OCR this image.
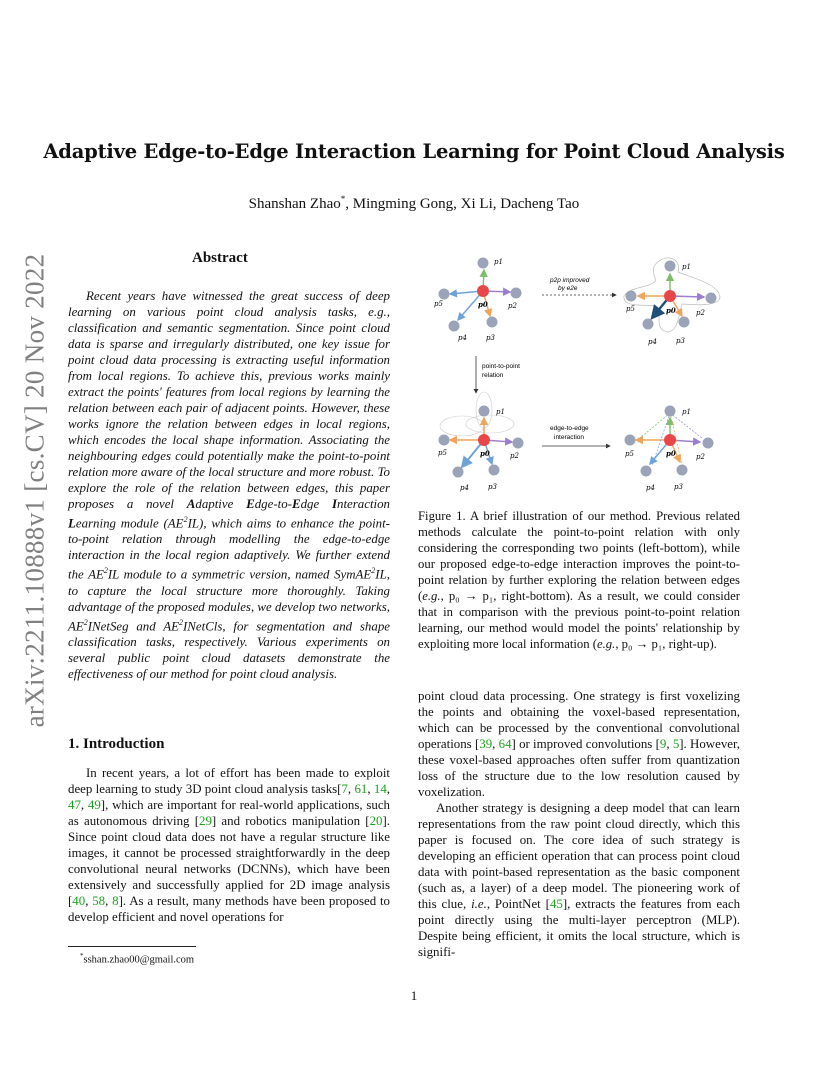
arXiv:2211.10888v1 [cs.CV] 20 Nov 2022
Adaptive Edge-to-Edge Interaction Learning for Point Cloud Analysis
Shanshan Zhao*, Mingming Gong, Xi Li, Dacheng Tao
Abstract

Recent years have witnessed the great success of deep learning on various point cloud analysis tasks, e.g., classification and semantic segmentation. Since point cloud data is sparse and irregularly distributed, one key issue for point cloud data processing is extracting useful information from local regions. To achieve this, previous works mainly extract the points' features from local regions by learning the relation between each pair of adjacent points. However, these works ignore the relation between edges in local regions, which encodes the local shape information. Associating the neighbouring edges could potentially make the point-to-point relation more aware of the local structure and more robust. To explore the role of the relation between edges, this paper proposes a novel Adaptive Edge-to-Edge Interaction Learning module $(AE^2IL)$, which aims to enhance the point-to-point relation through modelling the edge-to-edge interaction in the local region adaptively. We further extend the $AE^2IL$ module to a symmetric version, named SymAE$^2$IL, to capture the local structure more thoroughly. Taking advantage of the proposed modules, we develop two networks, $AE^2INetSeg$ and $AE^2INetCls$, for segmentation and shape classification tasks, respectively. Various experiments on several public point cloud datasets demonstrate the effectiveness of our method for point cloud analysis.

1. Introduction

In recent years, a lot of effort has been made to exploit deep learning to study 3D point cloud analysis tasks[7, 61, 14, 47, 49], which are important for real-world applications, such as autonomous driving [29] and robotics manipulation [20]. Since point cloud data does not have a regular structure like images, it cannot be processed straightforwardly in the deep convolutional neural networks (DCNNs), which have been extensively and successfully applied for 2D image analysis [40, 58, 8]. As a result, many methods have been proposed to develop efficient and novel operations for

*sshan.zhao00@gmail.com
p1
p5	p2
p4	p3
p0
p2p improved
by e2e
p1
p5	p2
p4	p3
p0
point-to-point
relation
p1
p5	p2
p4	p3
p0
edge-to-edge
interaction
p1
p5	p2
p4	p3
p0

Figure 1. A brief illustration of our method. Previous related methods calculate the point-to-point relation with only considering the corresponding two points (left-bottom), while our proposed edge-to-edge interaction improves the point-to-point relation by further exploring the relation between edges (e.g., p₀ → p₁, right-bottom). As a result, we could consider that in comparison with the previous point-to-point relation learning, our method would model the points' relationship by exploiting more local information (e.g., p₀ → p₁, right-up).

point cloud data processing. One strategy is first voxelizing the points and obtaining the voxel-based representation, which can be processed by the conventional convolutional operations [39, 64] or improved convolutions [9, 5]. However, these voxel-based approaches often suffer from quantization loss of the structure due to the low resolution caused by voxelization.

Another strategy is designing a deep model that can learn representations from the raw point cloud directly, which this paper is focused on. The core idea of such strategy is developing an efficient operation that can process point cloud data with point-based representation as the basic component (such as, a layer) of a deep model. The pioneering work of this clue, i.e., PointNet [45], extracts the features from each point directly using the multi-layer perceptron (MLP). Despite being efficient, it omits the local structure, which is signifi-

1
